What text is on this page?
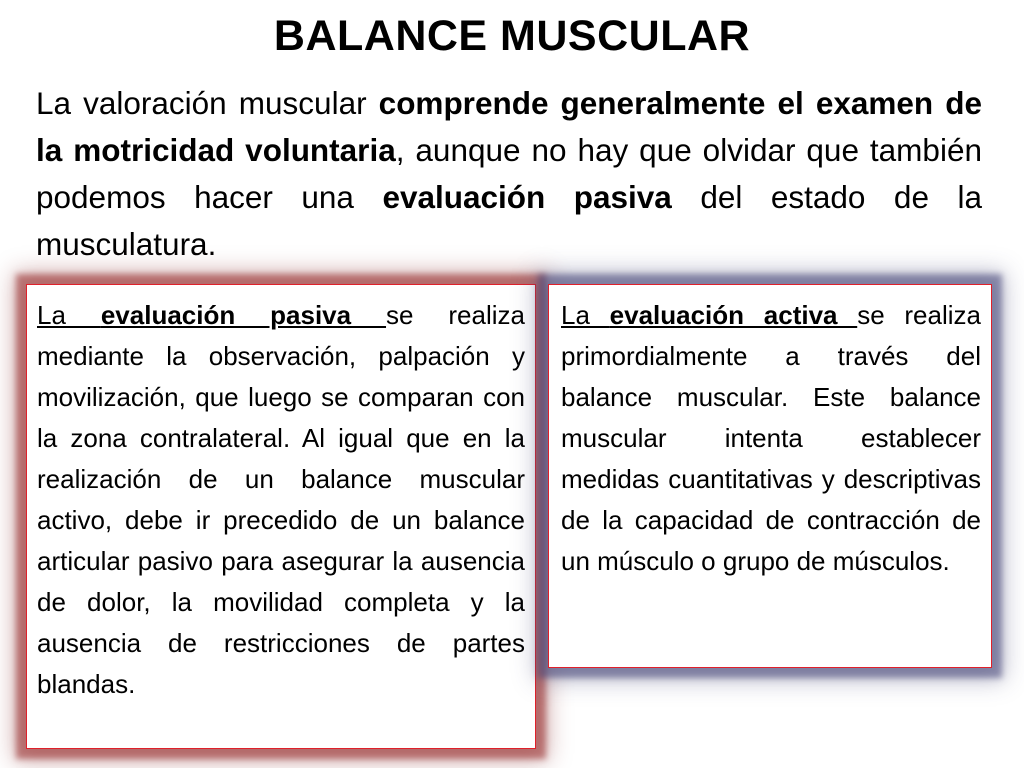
BALANCE MUSCULAR

La valoración muscular comprende generalmente el examen de la motricidad voluntaria, aunque no hay que olvidar que también podemos hacer una evaluación pasiva del estado de la musculatura.

La evaluación pasiva se realiza mediante la observación, palpación y movilización, que luego se comparan con la zona contralateral. Al igual que en la realización de un balance muscular activo, debe ir precedido de un balance articular pasivo para asegurar la ausencia de dolor, la movilidad completa y la ausencia de restricciones de partes blandas.

La evaluación activa se realiza primordialmente a través del balance muscular. Este balance muscular intenta establecer medidas cuantitativas y descriptivas de la capacidad de contracción de un músculo o grupo de músculos.
